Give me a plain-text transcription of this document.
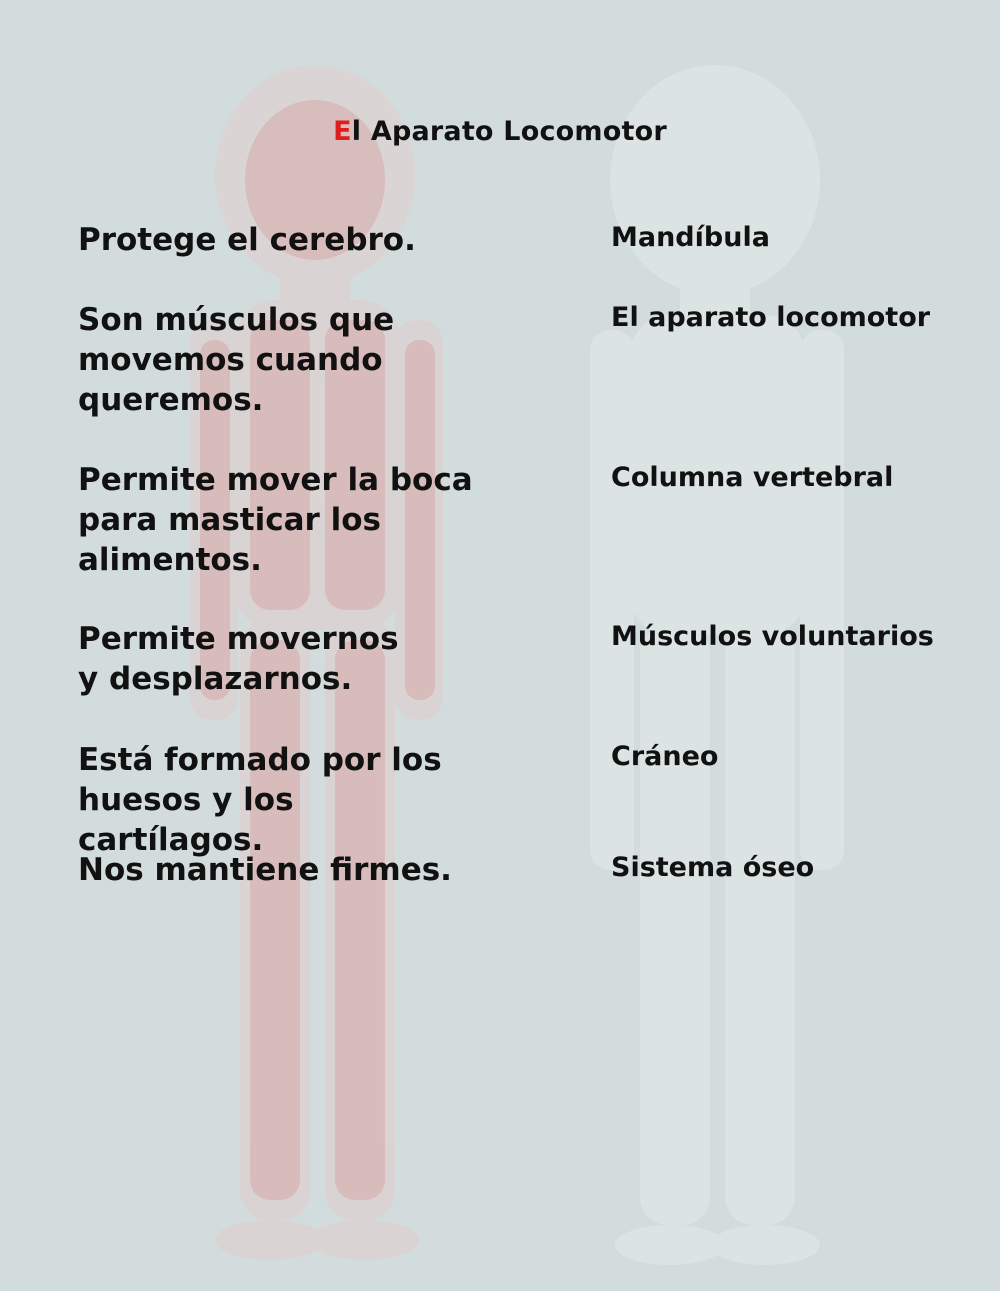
El Aparato Locomotor
Protege el cerebro.
Son músculos que movemos cuando queremos.
Permite mover la boca para masticar los alimentos.
Permite movernos y desplazarnos.
Está formado por los huesos y los cartílagos.
Nos mantiene firmes.
Mandíbula
El aparato locomotor
Columna vertebral
Músculos voluntarios
Cráneo
Sistema óseo
